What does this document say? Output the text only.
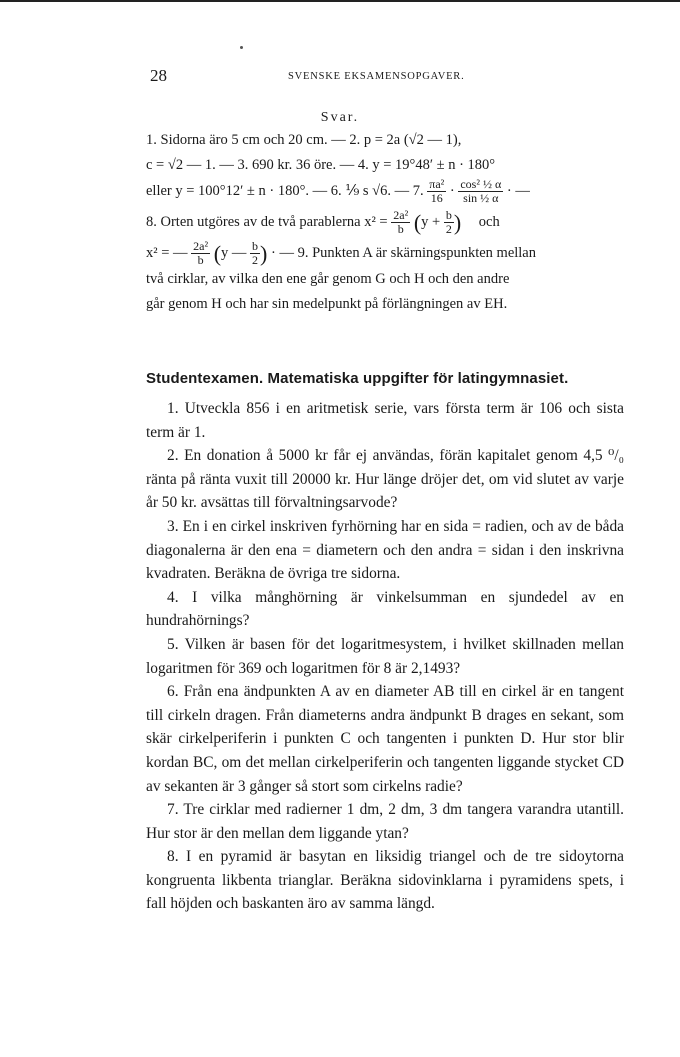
28	SVENSKE EKSAMENSOPGAVER.
Svar.
1. Sidorna äro 5 cm och 20 cm. — 2. p = 2a (√2 — 1),
c = √2 — 1. — 3. 690 kr. 36 öre. — 4. y = 19°48′ ± n · 180°
eller y = 100°12′ ± n · 180°. — 6. ⅑ s √6. — 7. $\frac{\text{πa²}}{16} \cdot \frac{\text{cos² ½ α}}{\text{sin ½ α}}$ · —
8. Orten utgöres av de två parablerna $x^2 = \frac{\text{2a²}}{b} (y + \frac{b}{2}$ ) och
x² = — $\frac{\text{2a²}}{b} (y$ — $\frac{b}{2}$ ) · — 9. Punkten A är skärningspunkten mellan
två cirklar, av vilka den ene går genom G och H och den andre
går genom H och har sin medelpunkt på förlängningen av EH.
Studentexamen. Matematiska uppgifter för latingymnasiet.

1. Utveckla 856 i en aritmetisk serie, vars första term är 106 och sista term är 1.

2. En donation å 5000 kr får ej användas, förän kapitalet genom 4,5 ⁰/₀ ränta på ränta vuxit till 20000 kr. Hur länge dröjer det, om vid slutet av varje år 50 kr. avsättas till förvaltningsarvode?

3. En i en cirkel inskriven fyrhörning har en sida = radien, och av de båda diagonalerna är den ena = diametern och den andra = sidan i den inskrivna kvadraten. Beräkna de övriga tre sidorna.

4. I vilka månghörning är vinkelsumman en sjundedel av en hundrahörnings?

5. Vilken är basen för det logaritmesystem, i hvilket skillnaden mellan logaritmen för 369 och logaritmen för 8 är 2,1493?

6. Från ena ändpunkten A av en diameter AB till en cirkel är en tangent till cirkeln dragen. Från diameterns andra ändpunkt B drages en sekant, som skär cirkelperiferin i punkten C och tangenten i punkten D. Hur stor blir kordan BC, om det mellan cirkelperiferin och tangenten liggande stycket CD av sekanten är 3 gånger så stort som cirkelns radie?

7. Tre cirklar med radierner 1 dm, 2 dm, 3 dm tangera varandra utantill. Hur stor är den mellan dem liggande ytan?

8. I en pyramid är basytan en liksidig triangel och de tre sidoytorna kongruenta likbenta trianglar. Beräkna sidovinklarna i pyramidens spets, i fall höjden och baskanten äro av samma längd.
